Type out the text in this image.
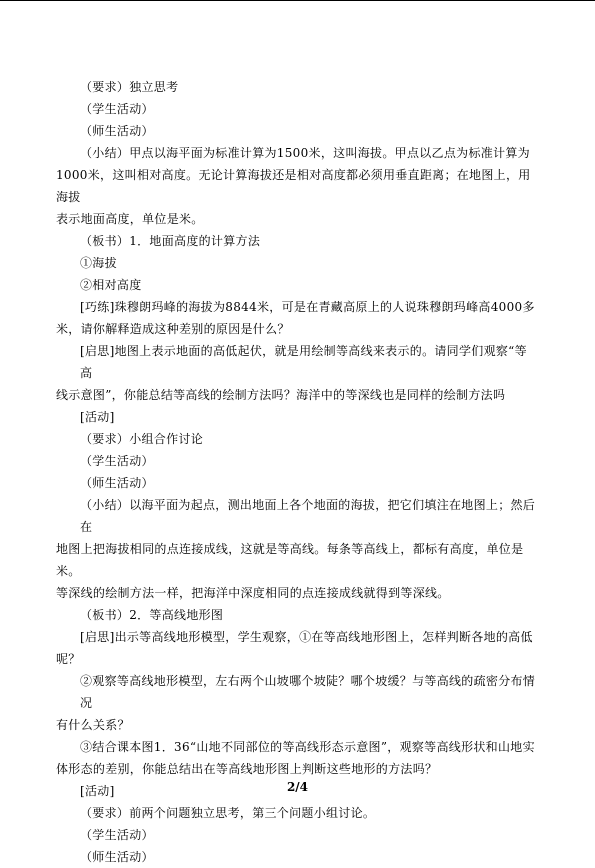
（要求）独立思考

（学生活动）

（师生活动）

（小结）甲点以海平面为标准计算为1500米，这叫海拔。甲点以乙点为标准计算为

1000米，这叫相对高度。无论计算海拔还是相对高度都必须用垂直距离；在地图上，用海拔

表示地面高度，单位是米。

（板书）1．地面高度的计算方法

①海拔

②相对高度

[巧练]珠穆朗玛峰的海拔为8844米，可是在青藏高原上的人说珠穆朗玛峰高4000多

米，请你解释造成这种差别的原因是什么？

[启思]地图上表示地面的高低起伏，就是用绘制等高线来表示的。请同学们观察“等高

线示意图”，你能总结等高线的绘制方法吗？海洋中的等深线也是同样的绘制方法吗

[活动]

（要求）小组合作讨论

（学生活动）

（师生活动）

（小结）以海平面为起点，测出地面上各个地面的海拔，把它们填注在地图上；然后在

地图上把海拔相同的点连接成线，这就是等高线。每条等高线上，都标有高度，单位是米。

等深线的绘制方法一样，把海洋中深度相同的点连接成线就得到等深线。

（板书）2．等高线地形图

[启思]出示等高线地形模型，学生观察，①在等高线地形图上，怎样判断各地的高低

呢？

②观察等高线地形模型，左右两个山坡哪个坡陡？哪个坡缓？与等高线的疏密分布情况

有什么关系？

③结合课本图1．36“山地不同部位的等高线形态示意图”，观察等高线形状和山地实

体形态的差别，你能总结出在等高线地形图上判断这些地形的方法吗？

[活动]

（要求）前两个问题独立思考，第三个问题小组讨论。

（学生活动）

（师生活动）

2/4
